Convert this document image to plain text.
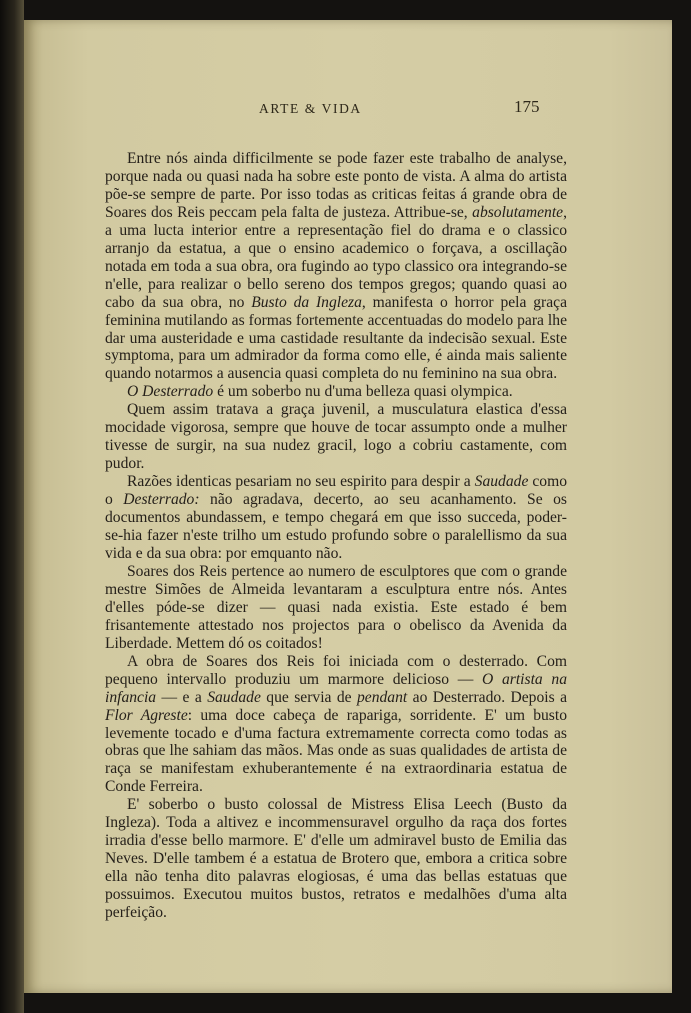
ARTE & VIDA	175

Entre nós ainda difficilmente se pode fazer este trabalho de analyse, porque nada ou quasi nada ha sobre este ponto de vista. A alma do artista põe-se sempre de parte. Por isso todas as criticas feitas á grande obra de Soares dos Reis peccam pela falta de justeza. Attribue-se, absolutamente, a uma lucta interior entre a representação fiel do drama e o classico arranjo da estatua, a que o ensino academico o forçava, a oscillação notada em toda a sua obra, ora fugindo ao typo classico ora integrando-se n'elle, para realizar o bello sereno dos tempos gregos; quando quasi ao cabo da sua obra, no Busto da Ingleza, manifesta o horror pela graça feminina mutilando as formas fortemente accentuadas do modelo para lhe dar uma austeridade e uma castidade resultante da indecisão sexual. Este symptoma, para um admirador da forma como elle, é ainda mais saliente quando notarmos a ausencia quasi completa do nu feminino na sua obra.

O Desterrado é um soberbo nu d'uma belleza quasi olympica.

Quem assim tratava a graça juvenil, a musculatura elastica d'essa mocidade vigorosa, sempre que houve de tocar assumpto onde a mulher tivesse de surgir, na sua nudez gracil, logo a cobriu castamente, com pudor.

Razões identicas pesariam no seu espirito para despir a Saudade como o Desterrado: não agradava, decerto, ao seu acanhamento. Se os documentos abundassem, e tempo chegará em que isso succeda, poder-se-hia fazer n'este trilho um estudo profundo sobre o paralellismo da sua vida e da sua obra: por emquanto não.

Soares dos Reis pertence ao numero de esculptores que com o grande mestre Simões de Almeida levantaram a esculptura entre nós. Antes d'elles póde-se dizer — quasi nada existia. Este estado é bem frisantemente attestado nos projectos para o obelisco da Avenida da Liberdade. Mettem dó os coitados!

A obra de Soares dos Reis foi iniciada com o desterrado. Com pequeno intervallo produziu um marmore delicioso — O artista na infancia — e a Saudade que servia de pendant ao Desterrado. Depois a Flor Agreste: uma doce cabeça de rapariga, sorridente. E' um busto levemente tocado e d'uma factura extremamente correcta como todas as obras que lhe sahiam das mãos. Mas onde as suas qualidades de artista de raça se manifestam exhuberantemente é na extraordinaria estatua de Conde Ferreira.

E' soberbo o busto colossal de Mistress Elisa Leech (Busto da Ingleza). Toda a altivez e incommensuravel orgulho da raça dos fortes irradia d'esse bello marmore. E' d'elle um admiravel busto de Emilia das Neves. D'elle tambem é a estatua de Brotero que, embora a critica sobre ella não tenha dito palavras elogiosas, é uma das bellas estatuas que possuimos. Executou muitos bustos, retratos e medalhões d'uma alta perfeição.
